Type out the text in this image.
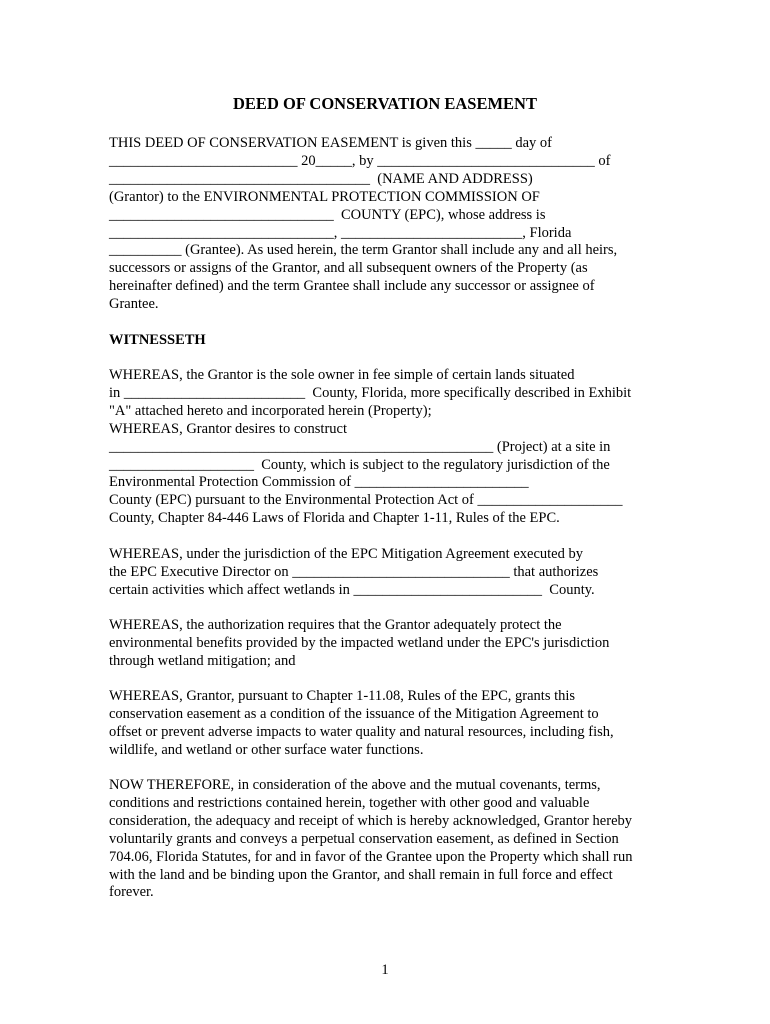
DEED OF CONSERVATION EASEMENT

THIS DEED OF CONSERVATION EASEMENT is given this _____ day of

__________________________ 20_____, by ______________________________ of

____________________________________  (NAME AND ADDRESS)

(Grantor) to the ENVIRONMENTAL PROTECTION COMMISSION OF

_______________________________  COUNTY (EPC), whose address is

_______________________________, _________________________, Florida

__________ (Grantee). As used herein, the term Grantor shall include any and all heirs,

successors or assigns of the Grantor, and all subsequent owners of the Property (as

hereinafter defined) and the term Grantee shall include any successor or assignee of

Grantee.

WITNESSETH

WHEREAS, the Grantor is the sole owner in fee simple of certain lands situated

in _________________________  County, Florida, more specifically described in Exhibit

"A" attached hereto and incorporated herein (Property);

WHEREAS, Grantor desires to construct

_____________________________________________________ (Project) at a site in

____________________  County, which is subject to the regulatory jurisdiction of the

Environmental Protection Commission of ________________________

County (EPC) pursuant to the Environmental Protection Act of ____________________

County, Chapter 84-446 Laws of Florida and Chapter 1-11, Rules of the EPC.

WHEREAS, under the jurisdiction of the EPC Mitigation Agreement executed by

the EPC Executive Director on ______________________________ that authorizes

certain activities which affect wetlands in __________________________  County.

WHEREAS, the authorization requires that the Grantor adequately protect the

environmental benefits provided by the impacted wetland under the EPC's jurisdiction

through wetland mitigation; and

WHEREAS, Grantor, pursuant to Chapter 1-11.08, Rules of the EPC, grants this

conservation easement as a condition of the issuance of the Mitigation Agreement to

offset or prevent adverse impacts to water quality and natural resources, including fish,

wildlife, and wetland or other surface water functions.

NOW THEREFORE, in consideration of the above and the mutual covenants, terms,

conditions and restrictions contained herein, together with other good and valuable

consideration, the adequacy and receipt of which is hereby acknowledged, Grantor hereby

voluntarily grants and conveys a perpetual conservation easement, as defined in Section

704.06, Florida Statutes, for and in favor of the Grantee upon the Property which shall run

with the land and be binding upon the Grantor, and shall remain in full force and effect

forever.

1
